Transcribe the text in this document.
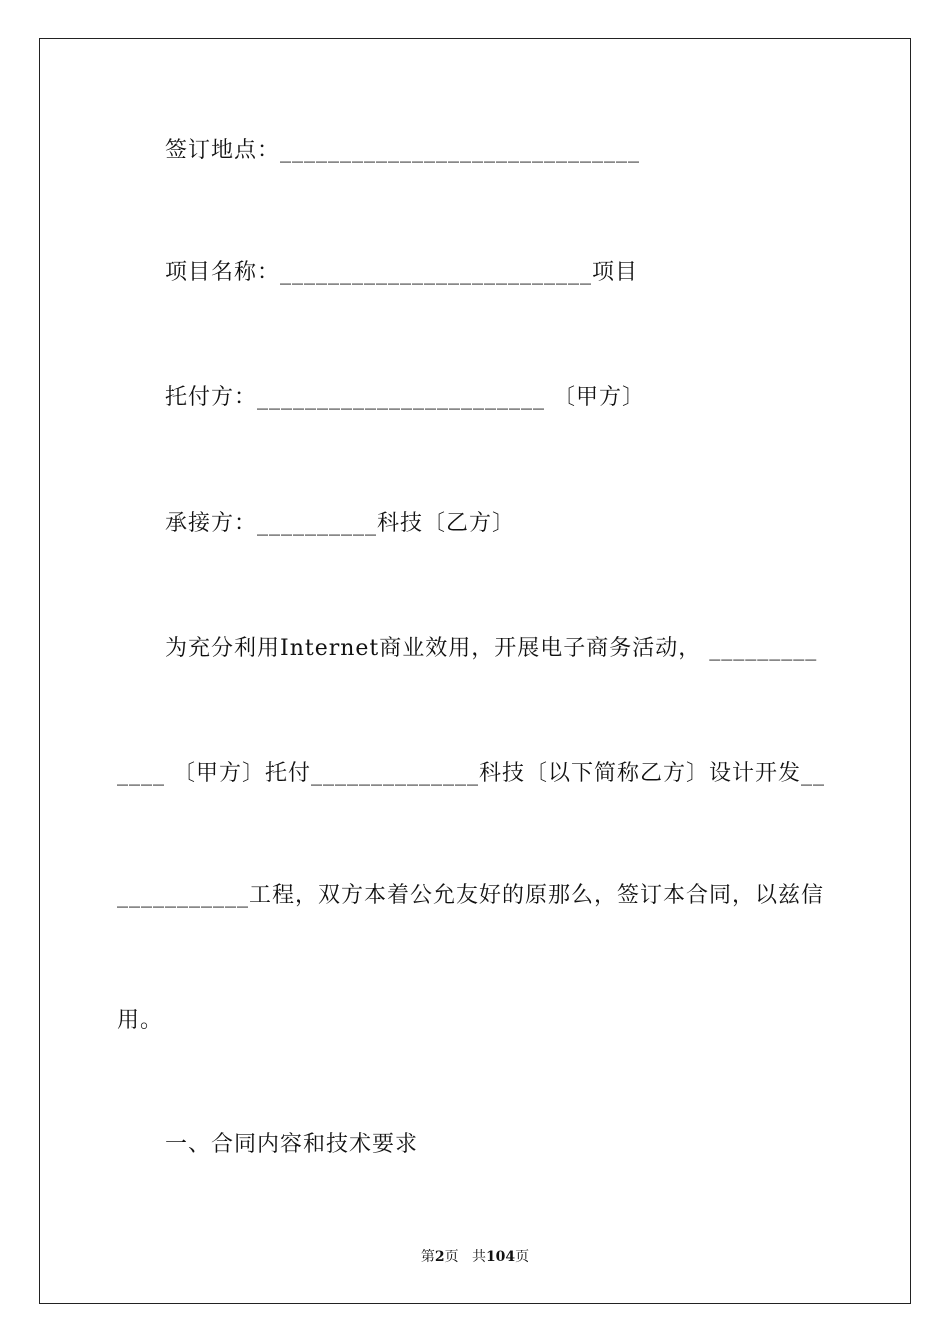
签订地点：______________________________
项目名称：__________________________项目
托付方：________________________ 〔甲方〕
承接方：__________科技〔乙方〕
为充分利用Internet商业效用，开展电子商务活动， _________
____ 〔甲方〕托付______________科技〔以下简称乙方〕设计开发__
___________工程，双方本着公允友好的原那么，签订本合同，以兹信
用。
一、合同内容和技术要求
第2页 共104页
